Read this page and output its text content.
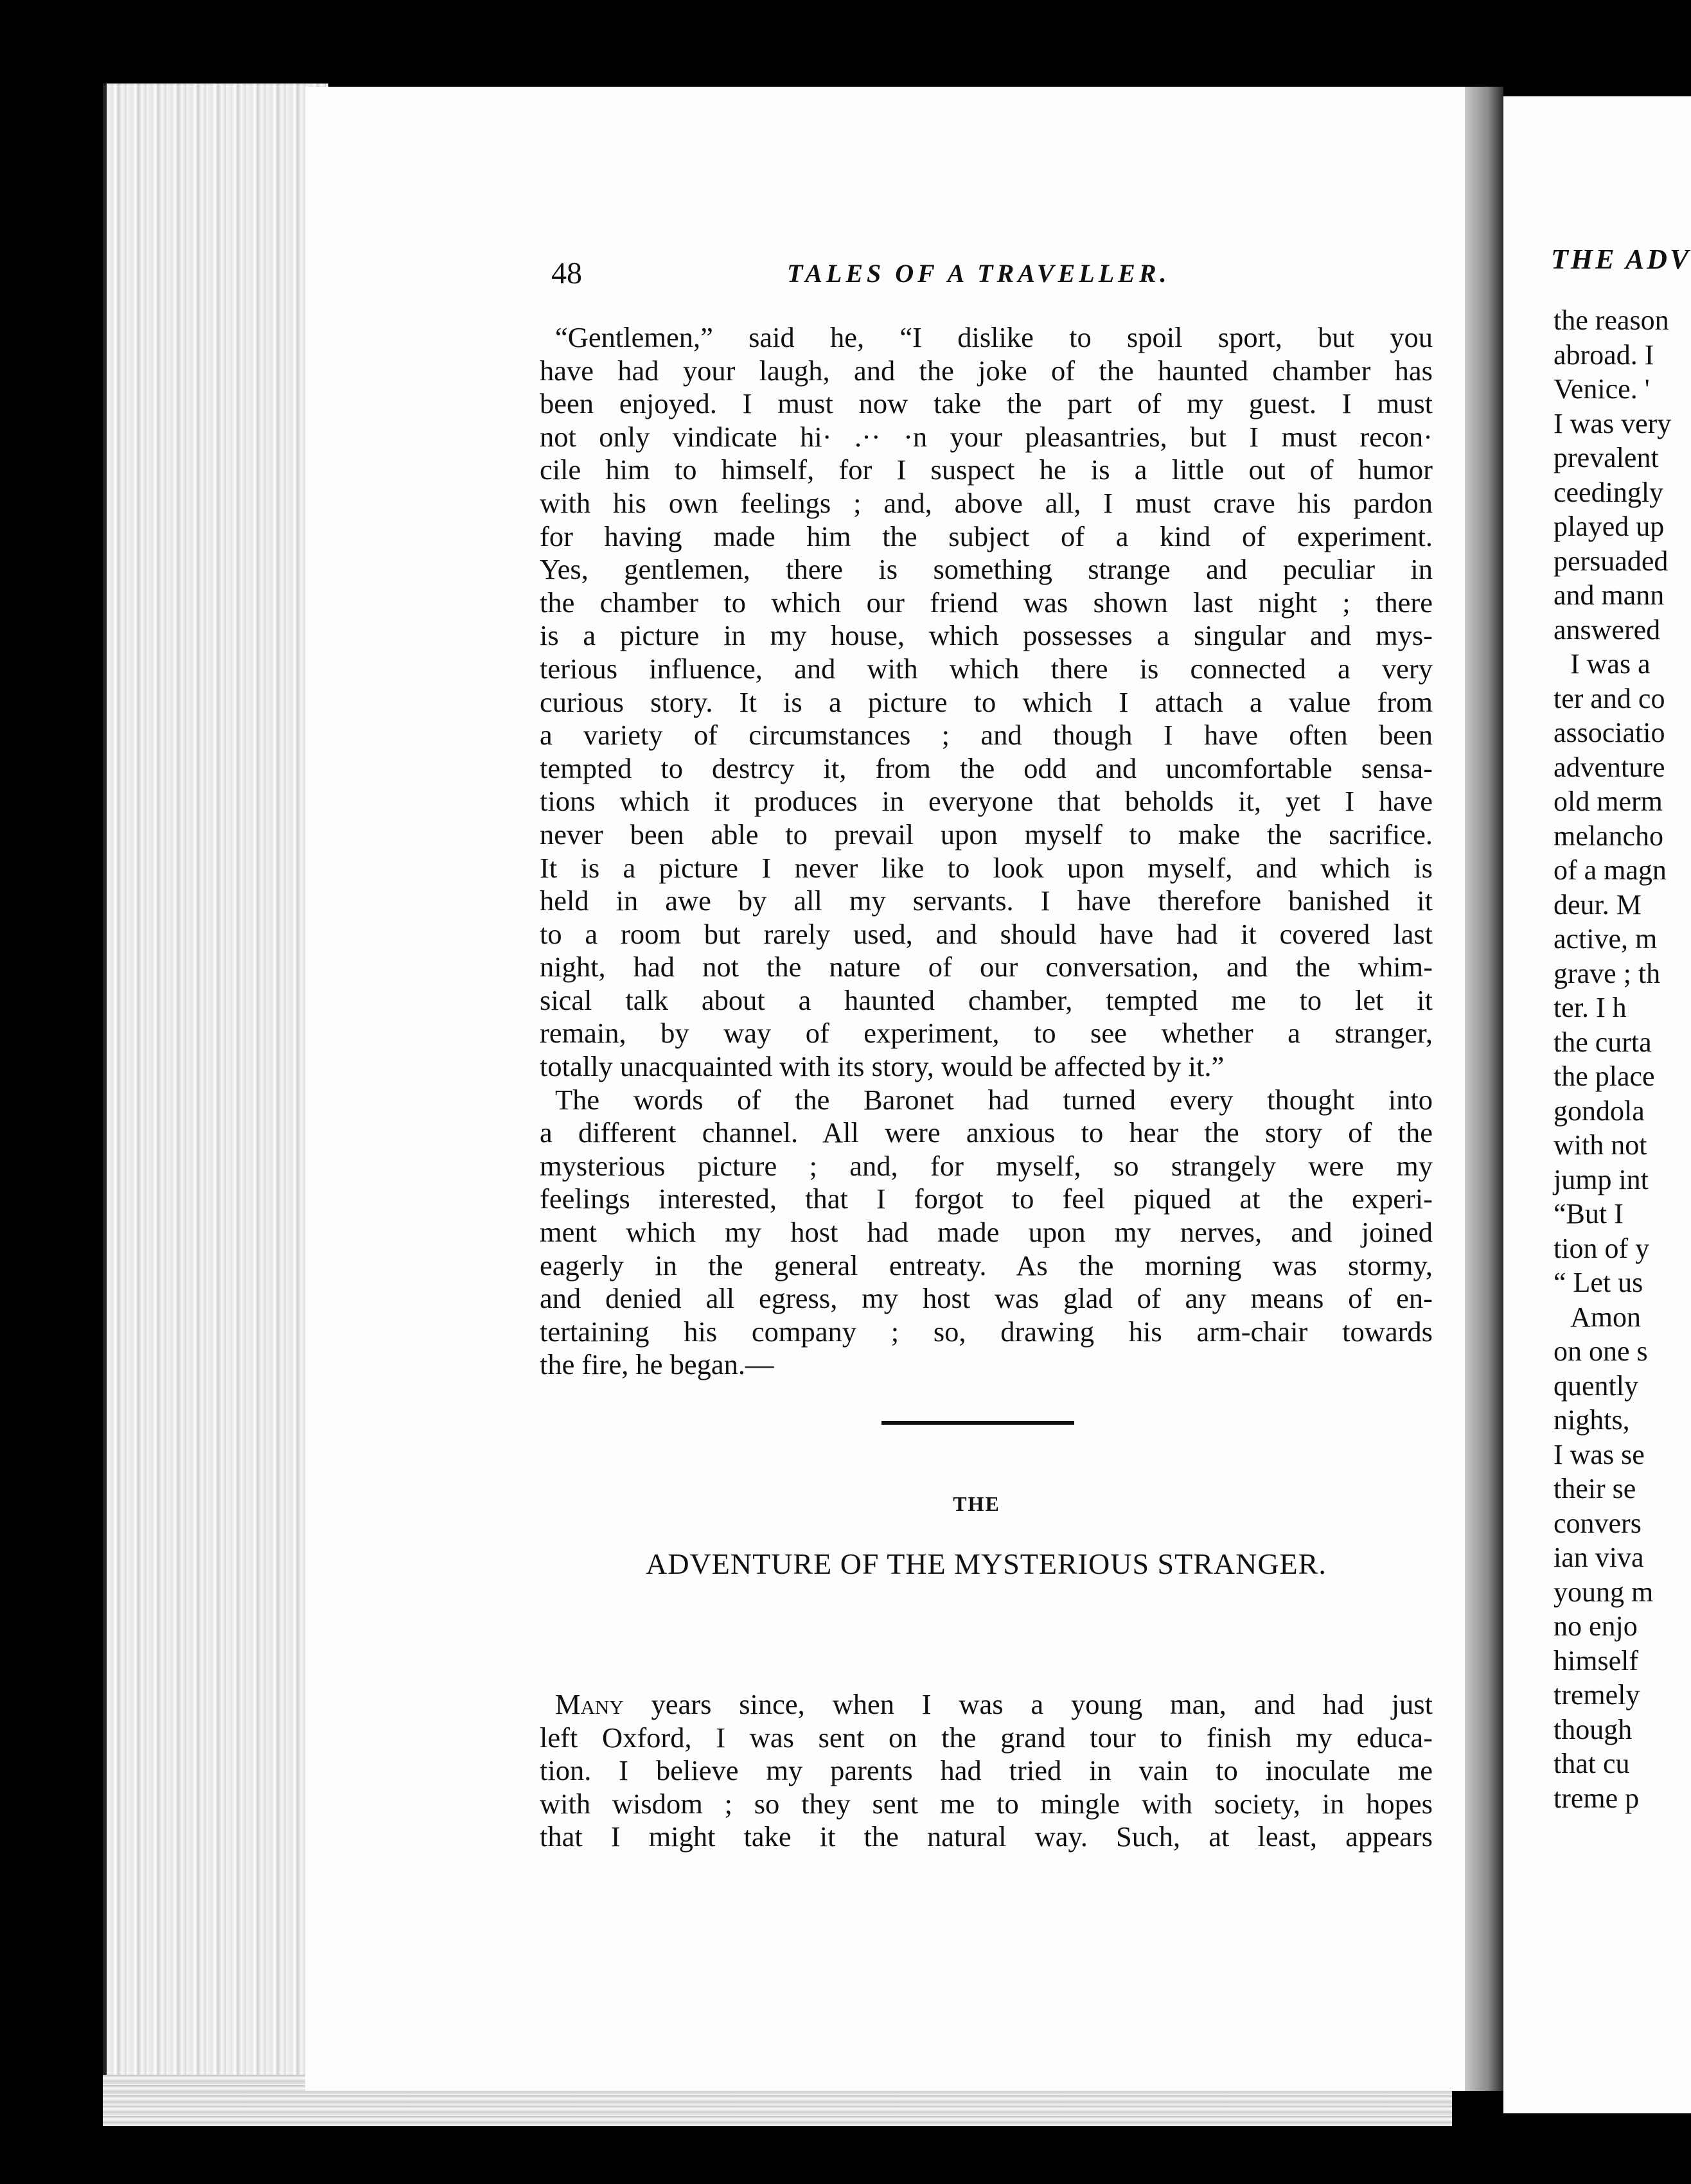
48	TALES OF A TRAVELLER.
“Gentlemen,” said he, “I dislike to spoil sport, but you
have had your laugh, and the joke of the haunted chamber has
been enjoyed. I must now take the part of my guest. I must
not only vindicate hi· .·· ·n your pleasantries, but I must recon·
cile him to himself, for I suspect he is a little out of humor
with his own feelings ; and, above all, I must crave his pardon
for having made him the subject of a kind of experiment.
Yes, gentlemen, there is something strange and peculiar in
the chamber to which our friend was shown last night ; there
is a picture in my house, which possesses a singular and mys-
terious influence, and with which there is connected a very
curious story. It is a picture to which I attach a value from
a variety of circumstances ; and though I have often been
tempted to destrcy it, from the odd and uncomfortable sensa-
tions which it produces in everyone that beholds it, yet I have
never been able to prevail upon myself to make the sacrifice.
It is a picture I never like to look upon myself, and which is
held in awe by all my servants. I have therefore banished it
to a room but rarely used, and should have had it covered last
night, had not the nature of our conversation, and the whim-
sical talk about a haunted chamber, tempted me to let it
remain, by way of experiment, to see whether a stranger,
totally unacquainted with its story, would be affected by it.”
The words of the Baronet had turned every thought into
a different channel. All were anxious to hear the story of the
mysterious picture ; and, for myself, so strangely were my
feelings interested, that I forgot to feel piqued at the experi-
ment which my host had made upon my nerves, and joined
eagerly in the general entreaty. As the morning was stormy,
and denied all egress, my host was glad of any means of en-
tertaining his company ; so, drawing his arm-chair towards
the fire, he began.—
THE
ADVENTURE OF THE MYSTERIOUS STRANGER.
Many years since, when I was a young man, and had just
left Oxford, I was sent on the grand tour to finish my educa-
tion. I believe my parents had tried in vain to inoculate me
with wisdom ; so they sent me to mingle with society, in hopes
that I might take it the natural way. Such, at least, appears
THE ADV
the reason
abroad. I
Venice. '
I was very
prevalent
ceedingly
played up
persuaded
and mann
answered
I was a
ter and co
associatio
adventure
old merm
melancho
of a magn
deur. M
active, m
grave ; th
ter. I h
the curta
the place
gondola
with not
jump int
“But I
tion of y
“ Let us
Amon
on one s
quently
nights,
I was se
their se
convers
ian viva
young m
no enjo
himself
tremely
though
that cu
treme p
